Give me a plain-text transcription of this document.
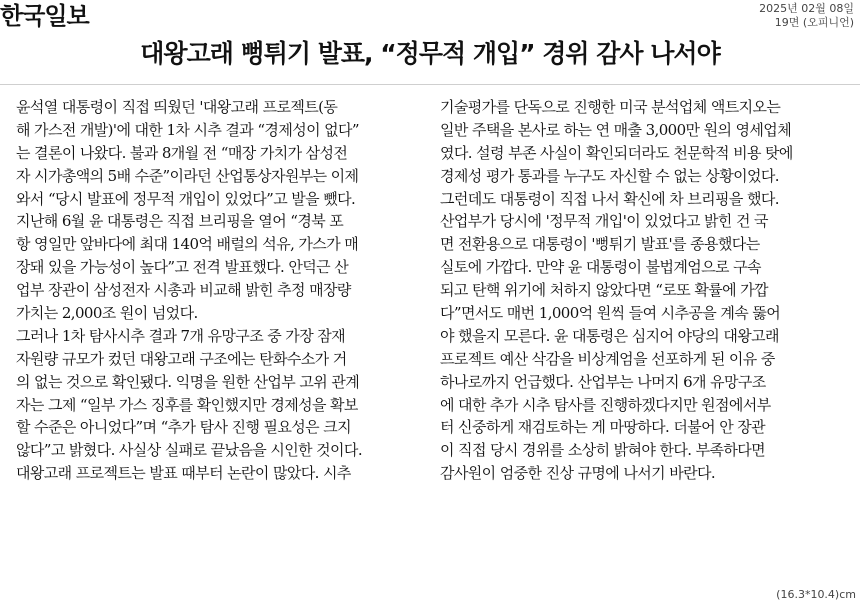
한국일보	2025년 02월 08일
19면 (오피니언)
대왕고래 뻥튀기 발표, “정무적 개입” 경위 감사 나서야
윤석열 대통령이 직접 띄웠던 '대왕고래 프로젝트(동
해 가스전 개발)'에 대한 1차 시추 결과 “경제성이 없다”
는 결론이 나왔다. 불과 8개월 전 “매장 가치가 삼성전
자 시가총액의 5배 수준”이라던 산업통상자원부는 이제
와서 “당시 발표에 정무적 개입이 있었다”고 발을 뺐다.
지난해 6월 윤 대통령은 직접 브리핑을 열어 “경북 포
항 영일만 앞바다에 최대 140억 배럴의 석유, 가스가 매
장돼 있을 가능성이 높다”고 전격 발표했다. 안덕근 산
업부 장관이 삼성전자 시총과 비교해 밝힌 추정 매장량
가치는 2,000조 원이 넘었다.
그러나 1차 탐사시추 결과 7개 유망구조 중 가장 잠재
자원량 규모가 컸던 대왕고래 구조에는 탄화수소가 거
의 없는 것으로 확인됐다. 익명을 원한 산업부 고위 관계
자는 그제 “일부 가스 징후를 확인했지만 경제성을 확보
할 수준은 아니었다”며 “추가 탐사 진행 필요성은 크지
않다”고 밝혔다. 사실상 실패로 끝났음을 시인한 것이다.
대왕고래 프로젝트는 발표 때부터 논란이 많았다. 시추
기술평가를 단독으로 진행한 미국 분석업체 액트지오는
일반 주택을 본사로 하는 연 매출 3,000만 원의 영세업체
였다. 설령 부존 사실이 확인되더라도 천문학적 비용 탓에
경제성 평가 통과를 누구도 자신할 수 없는 상황이었다.
그런데도 대통령이 직접 나서 확신에 차 브리핑을 했다.
산업부가 당시에 '정무적 개입'이 있었다고 밝힌 건 국
면 전환용으로 대통령이 '뻥튀기 발표'를 종용했다는
실토에 가깝다. 만약 윤 대통령이 불법계엄으로 구속
되고 탄핵 위기에 처하지 않았다면 “로또 확률에 가깝
다”면서도 매번 1,000억 원씩 들여 시추공을 계속 뚫어
야 했을지 모른다. 윤 대통령은 심지어 야당의 대왕고래
프로젝트 예산 삭감을 비상계엄을 선포하게 된 이유 중
하나로까지 언급했다. 산업부는 나머지 6개 유망구조
에 대한 추가 시추 탐사를 진행하겠다지만 원점에서부
터 신중하게 재검토하는 게 마땅하다. 더불어 안 장관
이 직접 당시 경위를 소상히 밝혀야 한다. 부족하다면
감사원이 엄중한 진상 규명에 나서기 바란다.
(16.3*10.4)cm
